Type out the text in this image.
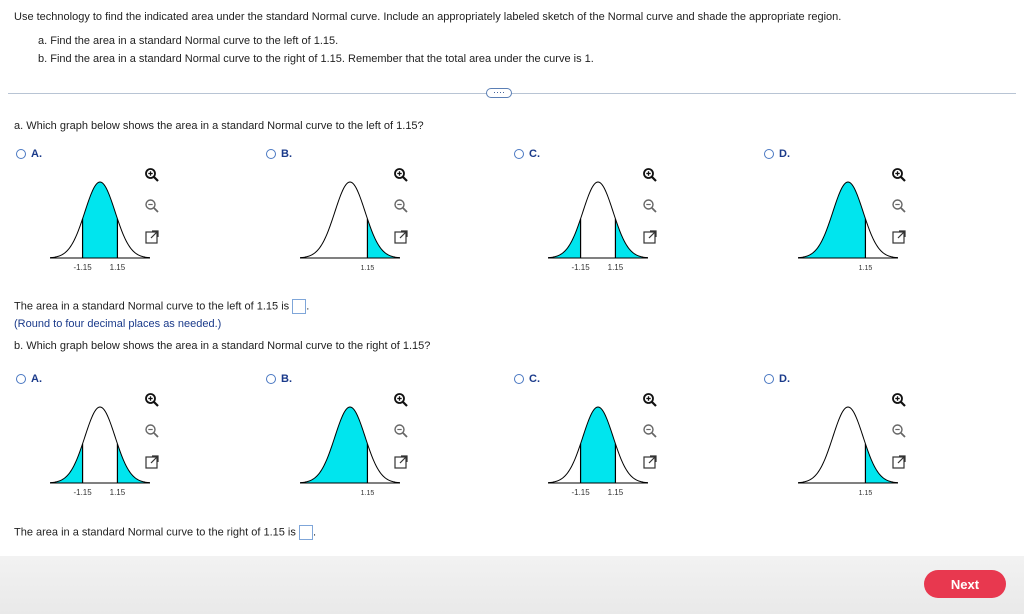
Use technology to find the indicated area under the standard Normal curve. Include an appropriately labeled sketch of the Normal curve and shade the appropriate region.
a. Find the area in a standard Normal curve to the left of 1.15.
b. Find the area in a standard Normal curve to the right of 1.15. Remember that the total area under the curve is 1.
····
a. Which graph below shows the area in a standard Normal curve to the left of 1.15?
A.	B.	C.	D.
-1.15 1.15	1.15	-1.15 1.15	1.15
The area in a standard Normal curve to the left of 1.15 is .
(Round to four decimal places as needed.)
b. Which graph below shows the area in a standard Normal curve to the right of 1.15?
A.	B.	C.	D.
-1.15 1.15	1.15	-1.15 1.15	1.15
The area in a standard Normal curve to the right of 1.15 is .
Next
